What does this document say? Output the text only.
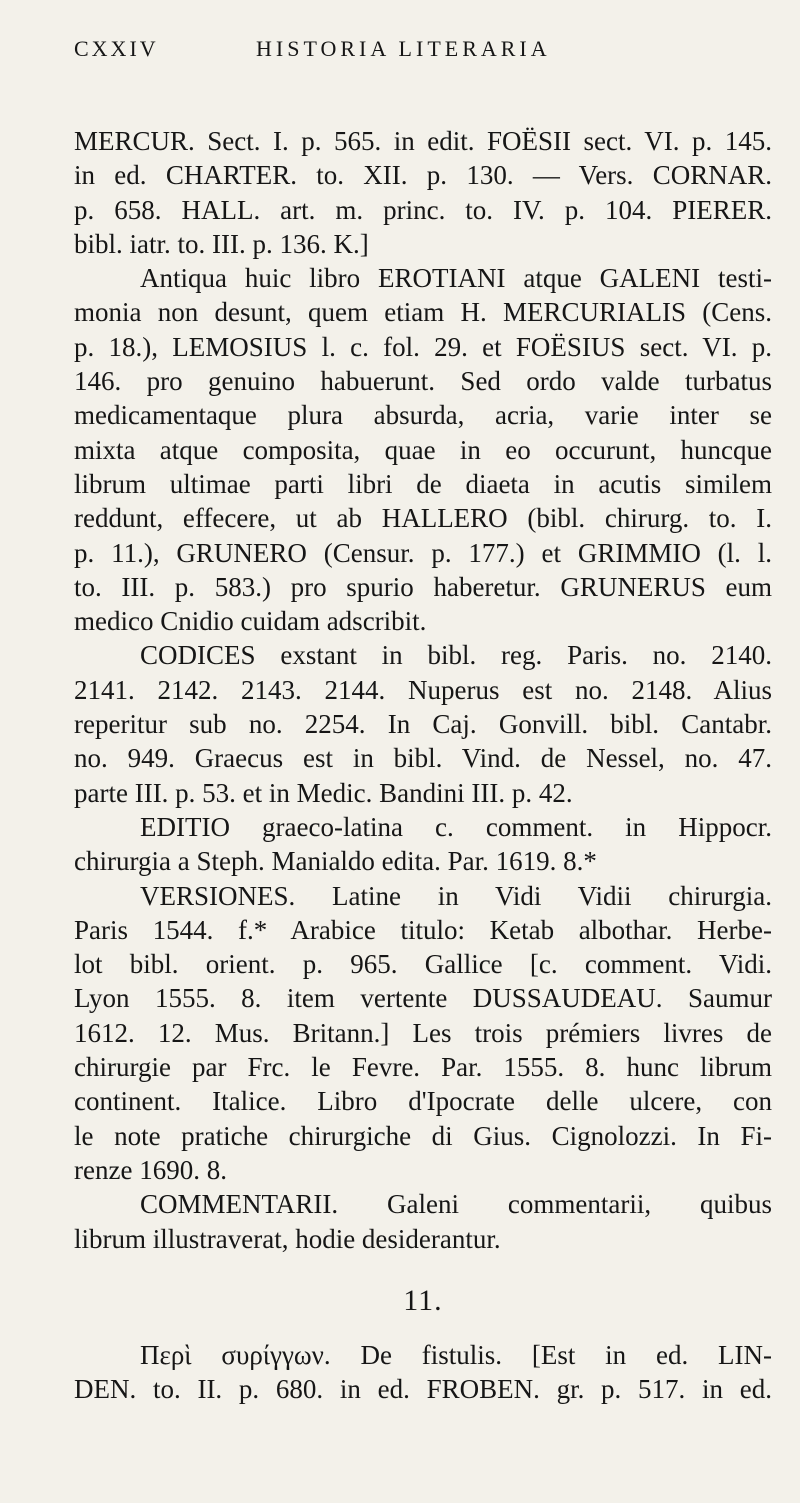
CXXIV	HISTORIA LITERARIA

MERCUR. Sect. I. p. 565. in edit. FOËSII sect. VI. p. 145.
in ed. CHARTER. to. XII. p. 130. — Vers. CORNAR.
p. 658. HALL. art. m. princ. to. IV. p. 104. PIERER.
bibl. iatr. to. III. p. 136. K.]

Antiqua huic libro EROTIANI atque GALENI testi-
monia non desunt, quem etiam H. MERCURIALIS (Cens.
p. 18.), LEMOSIUS l. c. fol. 29. et FOËSIUS sect. VI. p.
146. pro genuino habuerunt. Sed ordo valde turbatus
medicamentaque plura absurda, acria, varie inter se
mixta atque composita, quae in eo occurunt, huncque
librum ultimae parti libri de diaeta in acutis similem
reddunt, effecere, ut ab HALLERO (bibl. chirurg. to. I.
p. 11.), GRUNERO (Censur. p. 177.) et GRIMMIO (l. l.
to. III. p. 583.) pro spurio haberetur. GRUNERUS eum
medico Cnidio cuidam adscribit.

CODICES exstant in bibl. reg. Paris. no. 2140.
2141. 2142. 2143. 2144. Nuperus est no. 2148. Alius
reperitur sub no. 2254. In Caj. Gonvill. bibl. Cantabr.
no. 949. Graecus est in bibl. Vind. de Nessel, no. 47.
parte III. p. 53. et in Medic. Bandini III. p. 42.

EDITIO graeco-latina c. comment. in Hippocr.
chirurgia a Steph. Manialdo edita. Par. 1619. 8.*

VERSIONES. Latine in Vidi Vidii chirurgia.
Paris 1544. f.* Arabice titulo: Ketab albothar. Herbe-
lot bibl. orient. p. 965. Gallice [c. comment. Vidi.
Lyon 1555. 8. item vertente DUSSAUDEAU. Saumur
1612. 12. Mus. Britann.] Les trois prémiers livres de
chirurgie par Frc. le Fevre. Par. 1555. 8. hunc librum
continent. Italice. Libro d'Ipocrate delle ulcere, con
le note pratiche chirurgiche di Gius. Cignolozzi. In Fi-
renze 1690. 8.

COMMENTARII. Galeni commentarii, quibus
librum illustraverat, hodie desiderantur.

11.

Περὶ συρίγγων. De fistulis. [Est in ed. LIN-
DEN. to. II. p. 680. in ed. FROBEN. gr. p. 517. in ed.
